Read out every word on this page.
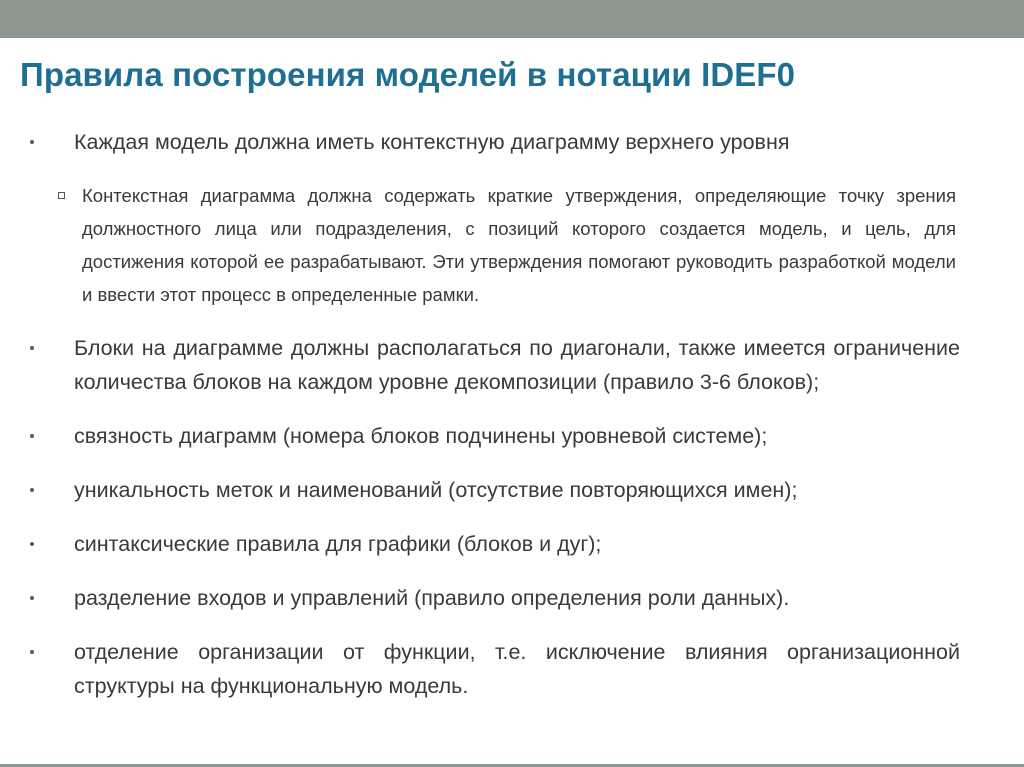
Правила построения моделей в нотации IDEF0
Каждая модель должна иметь контекстную диаграмму верхнего уровня
Контекстная диаграмма должна содержать краткие утверждения, определяющие точку зрения должностного лица или подразделения, с позиций которого создается модель, и цель, для достижения которой ее разрабатывают. Эти утверждения помогают руководить разработкой модели и ввести этот процесс в определенные рамки.
Блоки на диаграмме должны располагаться по диагонали, также имеется ограничение количества блоков на каждом уровне декомпозиции (правило 3-6 блоков);
связность диаграмм (номера блоков подчинены уровневой системе);
уникальность меток и наименований (отсутствие повторяющихся имен);
синтаксические правила для графики (блоков и дуг);
разделение входов и управлений (правило определения роли данных).
отделение организации от функции, т.е. исключение влияния организационной структуры на функциональную модель.
